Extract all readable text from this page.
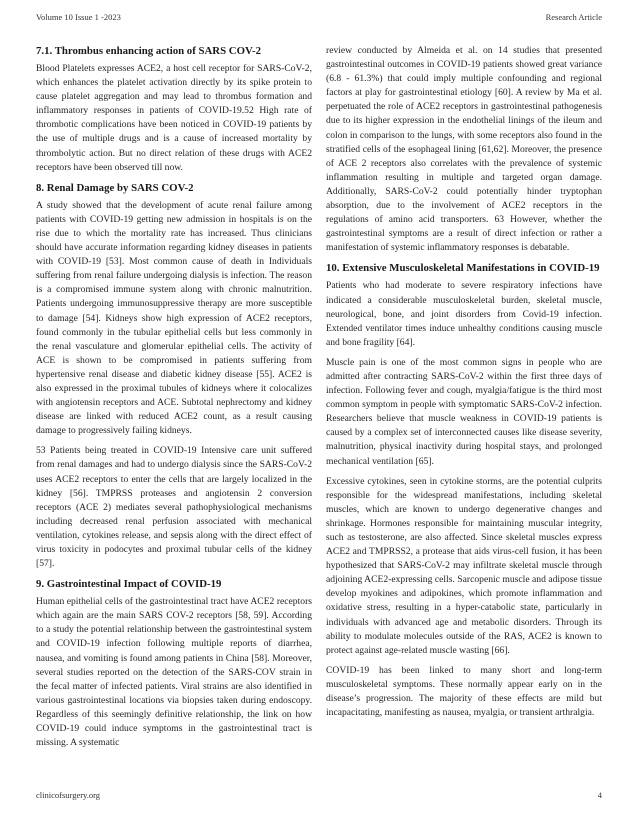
Volume 10 Issue 1 -2023	Research Article
7.1. Thrombus enhancing action of SARS COV-2

Blood Platelets expresses ACE2, a host cell receptor for SARS-CoV-2, which enhances the platelet activation directly by its spike protein to cause platelet aggregation and may lead to thrombus formation and inflammatory responses in patients of COVID-19.52 High rate of thrombotic complications have been noticed in COVID-19 patients by the use of multiple drugs and is a cause of increased mortality by thrombolytic action. But no direct relation of these drugs with ACE2 receptors have been observed till now.

8. Renal Damage by SARS COV-2

A study showed that the development of acute renal failure among patients with COVID-19 getting new admission in hospitals is on the rise due to which the mortality rate has increased. Thus clinicians should have accurate information regarding kidney diseases in patients with COVID-19 [53]. Most common cause of death in Individuals suffering from renal failure undergoing dialysis is infection. The reason is a compromised immune system along with chronic malnutrition. Patients undergoing immunosuppressive therapy are more susceptible to damage [54]. Kidneys show high expression of ACE2 receptors, found commonly in the tubular epithelial cells but less commonly in the renal vasculature and glomerular epithelial cells. The activity of ACE is shown to be compromised in patients suffering from hypertensive renal disease and diabetic kidney disease [55]. ACE2 is also expressed in the proximal tubules of kidneys where it colocalizes with angiotensin receptors and ACE. Subtotal nephrectomy and kidney disease are linked with reduced ACE2 count, as a result causing damage to progressively failing kidneys.

53 Patients being treated in COVID-19 Intensive care unit suffered from renal damages and had to undergo dialysis since the SARS-CoV-2 uses ACE2 receptors to enter the cells that are largely localized in the kidney [56]. TMPRSS proteases and angiotensin 2 conversion receptors (ACE 2) mediates several pathophysiological mechanisms including decreased renal perfusion associated with mechanical ventilation, cytokines release, and sepsis along with the direct effect of virus toxicity in podocytes and proximal tubular cells of the kidney [57].

9. Gastrointestinal Impact of COVID-19

Human epithelial cells of the gastrointestinal tract have ACE2 receptors which again are the main SARS COV-2 receptors [58, 59]. According to a study the potential relationship between the gastrointestinal system and COVID-19 infection following multiple reports of diarrhea, nausea, and vomiting is found among patients in China [58]. Moreover, several studies reported on the detection of the SARS-COV strain in the fecal matter of infected patients. Viral strains are also identified in various gastrointestinal locations via biopsies taken during endoscopy. Regardless of this seemingly definitive relationship, the link on how COVID-19 could induce symptoms in the gastrointestinal tract is missing. A systematic

review conducted by Almeida et al. on 14 studies that presented gastrointestinal outcomes in COVID-19 patients showed great variance (6.8 - 61.3%) that could imply multiple confounding and regional factors at play for gastrointestinal etiology [60]. A review by Ma et al. perpetuated the role of ACE2 receptors in gastrointestinal pathogenesis due to its higher expression in the endothelial linings of the ileum and colon in comparison to the lungs, with some receptors also found in the stratified cells of the esophageal lining [61,62]. Moreover, the presence of ACE 2 receptors also correlates with the prevalence of systemic inflammation resulting in multiple and targeted organ damage. Additionally, SARS-CoV-2 could potentially hinder tryptophan absorption, due to the involvement of ACE2 receptors in the regulations of amino acid transporters. 63 However, whether the gastrointestinal symptoms are a result of direct infection or rather a manifestation of systemic inflammatory responses is debatable.

10. Extensive Musculoskeletal Manifestations in COVID-19

Patients who had moderate to severe respiratory infections have indicated a considerable musculoskeletal burden, skeletal muscle, neurological, bone, and joint disorders from Covid-19 infection. Extended ventilator times induce unhealthy conditions causing muscle and bone fragility [64].

Muscle pain is one of the most common signs in people who are admitted after contracting SARS-CoV-2 within the first three days of infection. Following fever and cough, myalgia/fatigue is the third most common symptom in people with symptomatic SARS-CoV-2 infection. Researchers believe that muscle weakness in COVID-19 patients is caused by a complex set of interconnected causes like disease severity, malnutrition, physical inactivity during hospital stays, and prolonged mechanical ventilation [65].

Excessive cytokines, seen in cytokine storms, are the potential culprits responsible for the widespread manifestations, including skeletal muscles, which are known to undergo degenerative changes and shrinkage. Hormones responsible for maintaining muscular integrity, such as testosterone, are also affected. Since skeletal muscles express ACE2 and TMPRSS2, a protease that aids virus-cell fusion, it has been hypothesized that SARS-CoV-2 may infiltrate skeletal muscle through adjoining ACE2-expressing cells. Sarcopenic muscle and adipose tissue develop myokines and adipokines, which promote inflammation and oxidative stress, resulting in a hyper-catabolic state, particularly in individuals with advanced age and metabolic disorders. Through its ability to modulate molecules outside of the RAS, ACE2 is known to protect against age-related muscle wasting [66].

COVID-19 has been linked to many short and long-term musculoskeletal symptoms. These normally appear early on in the disease’s progression. The majority of these effects are mild but incapacitating, manifesting as nausea, myalgia, or transient arthralgia.

clinicofsurgery.org	4
